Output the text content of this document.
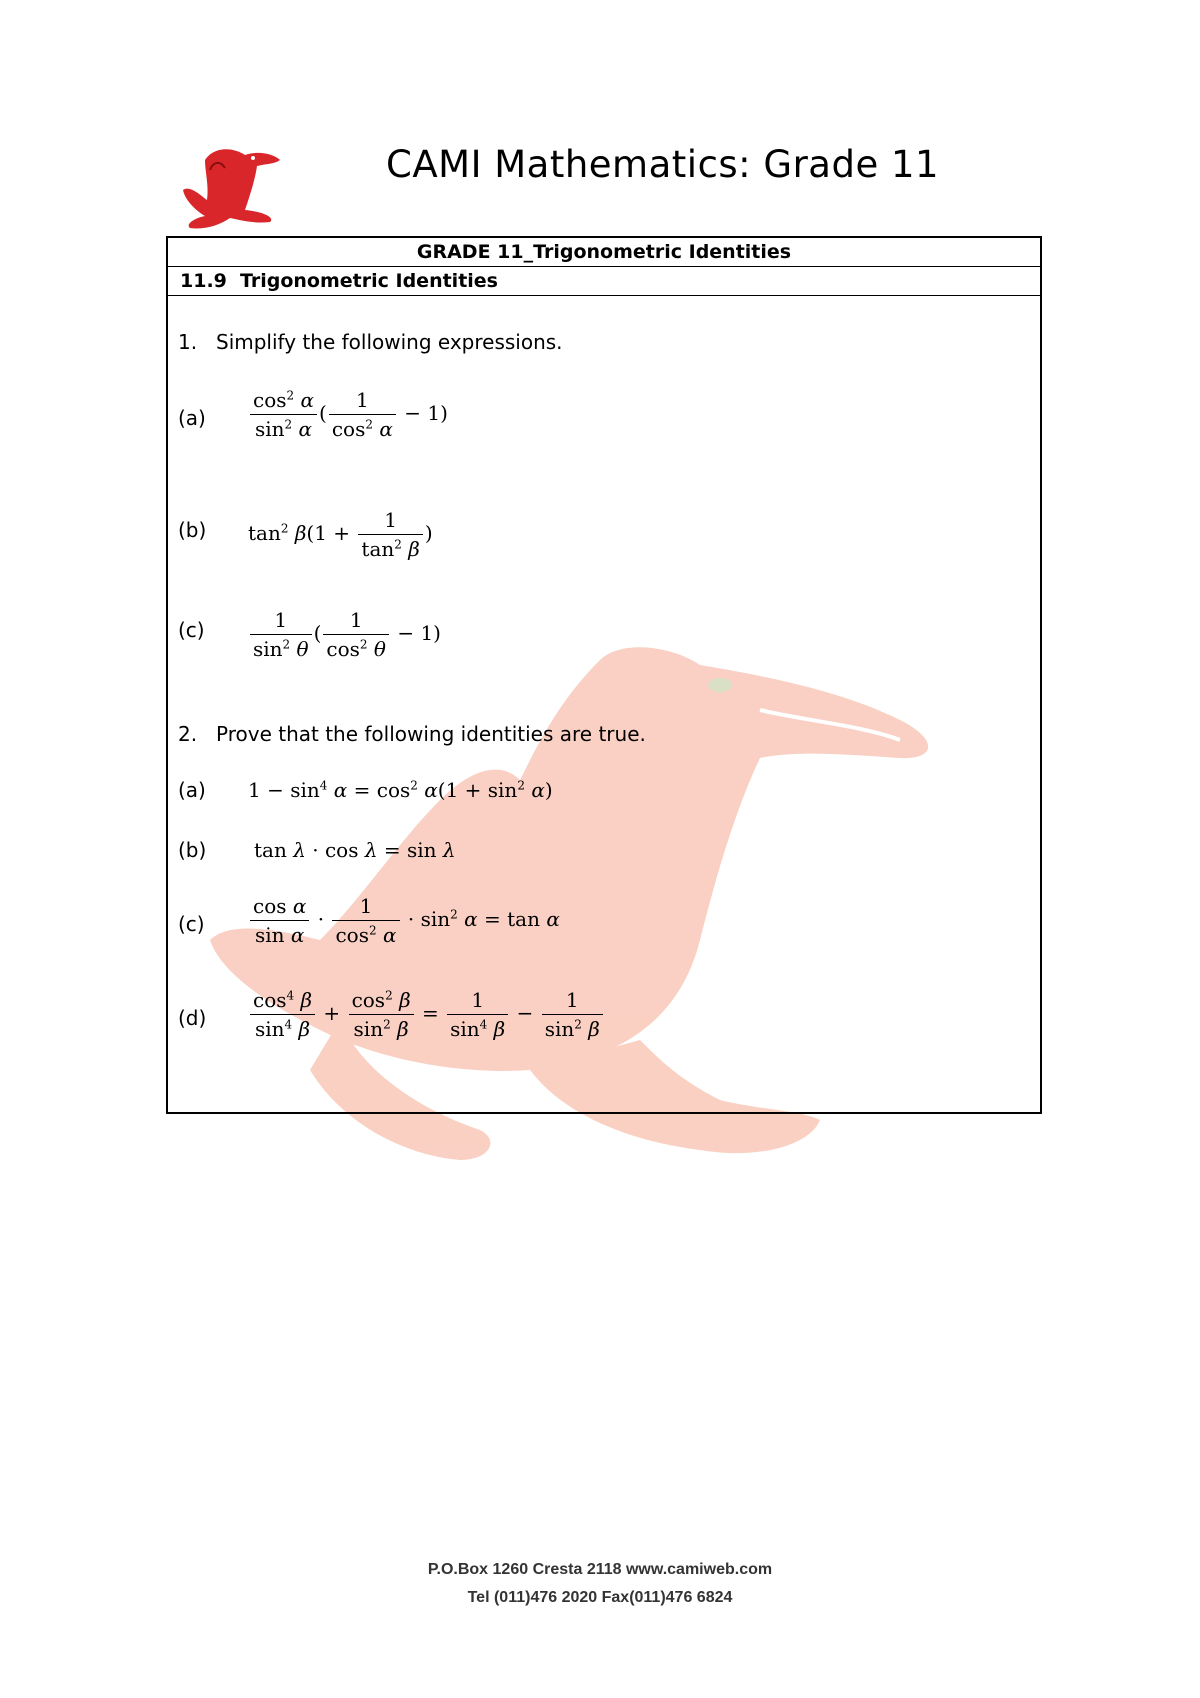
CAMI Mathematics: Grade 11
GRADE 11_Trigonometric Identities
11.9 Trigonometric Identities
1. Simplify the following expressions.
$(a) \frac{\cos^2 \alpha}{\sin^2 \alpha}$ ( $\frac{1}{\cos^2 \alpha} - 1$)
(b) $\tan^2 \beta(1 + \frac{1}{\tan^2 \beta}$ )
$(c) \frac{1}{\sin^2 \theta}$ ( $\frac{1}{\cos^2 \theta} - 1$)
2. Prove that the following identities are true.
(a) $1 - \sin^4 \alpha = \cos^2 \alpha(1 + \sin^2 \alpha)$
(b) tan λ · cos λ = sin λ
$(c) \frac{\text{cos α}}{\text{sin α}} \cdot \frac{1}{\cos^2 \alpha} \cdot \sin^2 \alpha = \tan \alpha$
$(d) \frac{\cos^4 \beta}{\sin^4 \beta} + \frac{\cos^2 \beta}{\sin^2 \beta} = \frac{1}{\sin^4 \beta} - \frac{1}{\sin^2 \beta}$
P.O.Box 1260 Cresta 2118 www.camiweb.com
Tel (011)476 2020 Fax(011)476 6824
